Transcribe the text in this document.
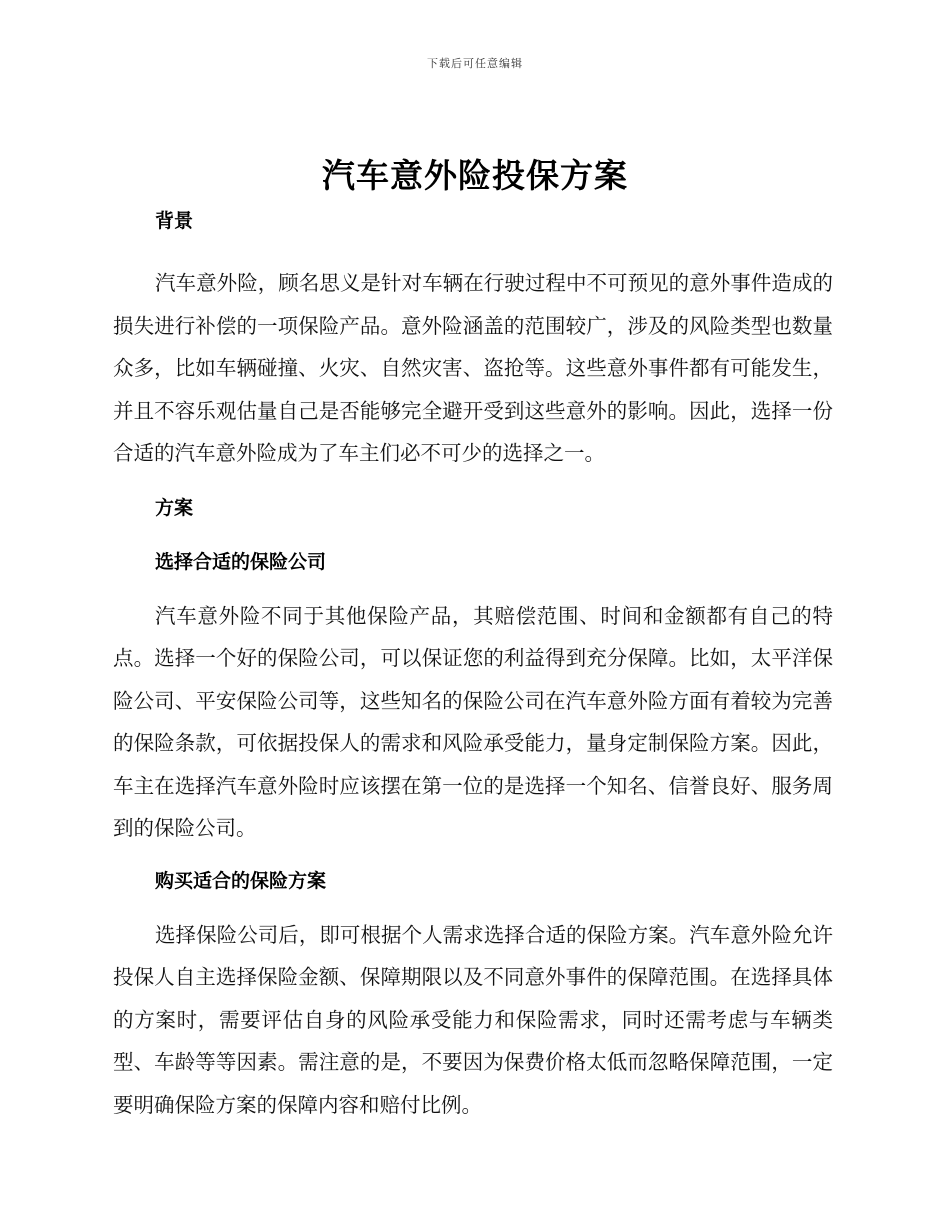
下载后可任意编辑
汽车意外险投保方案
背景

汽车意外险，顾名思义是针对车辆在行驶过程中不可预见的意外事件造成的损失进行补偿的一项保险产品。意外险涵盖的范围较广，涉及的风险类型也数量众多，比如车辆碰撞、火灾、自然灾害、盗抢等。这些意外事件都有可能发生，并且不容乐观估量自己是否能够完全避开受到这些意外的影响。因此，选择一份合适的汽车意外险成为了车主们必不可少的选择之一。

方案
选择合适的保险公司

汽车意外险不同于其他保险产品，其赔偿范围、时间和金额都有自己的特点。选择一个好的保险公司，可以保证您的利益得到充分保障。比如，太平洋保险公司、平安保险公司等，这些知名的保险公司在汽车意外险方面有着较为完善的保险条款，可依据投保人的需求和风险承受能力，量身定制保险方案。因此，车主在选择汽车意外险时应该摆在第一位的是选择一个知名、信誉良好、服务周到的保险公司。

购买适合的保险方案

选择保险公司后，即可根据个人需求选择合适的保险方案。汽车意外险允许投保人自主选择保险金额、保障期限以及不同意外事件的保障范围。在选择具体的方案时，需要评估自身的风险承受能力和保险需求，同时还需考虑与车辆类型、车龄等等因素。需注意的是，不要因为保费价格太低而忽略保障范围，一定要明确保险方案的保障内容和赔付比例。
